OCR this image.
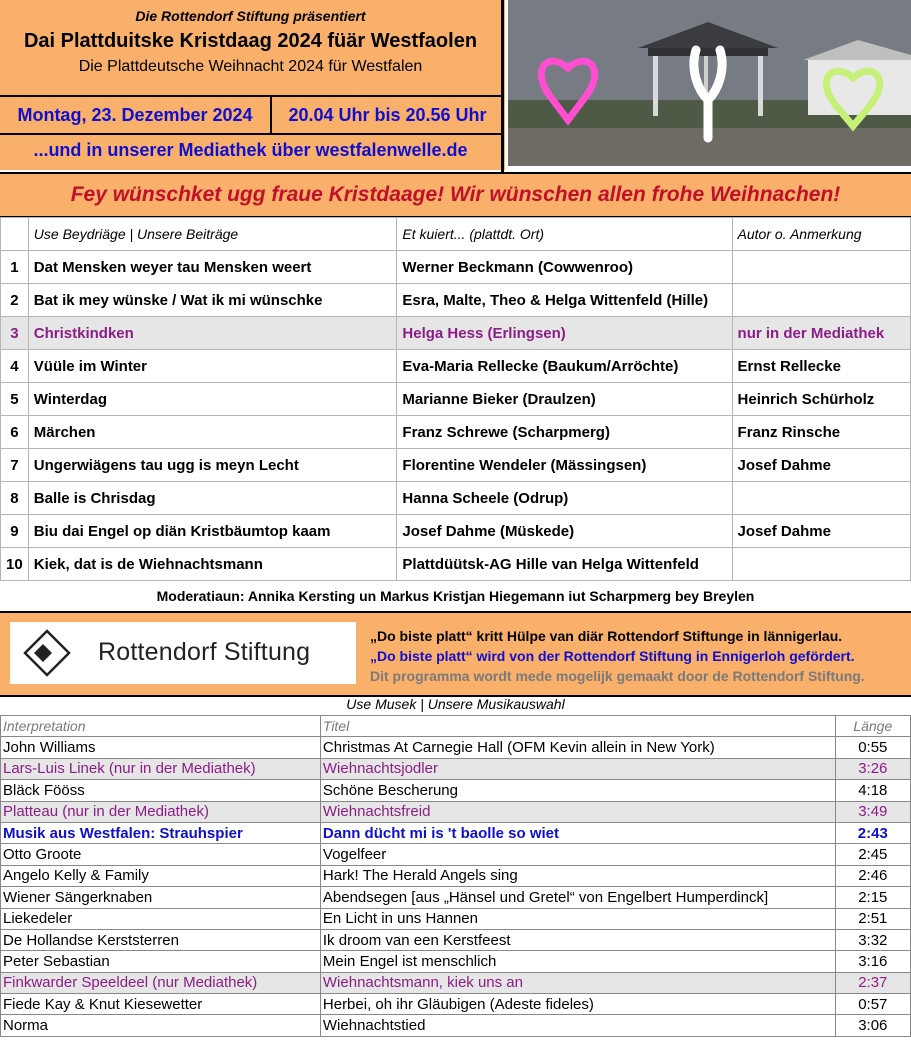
Die Rottendorf Stiftung präsentiert
Dai Plattduitske Kristdaag 2024 füär Westfaolen
Die Plattdeutsche Weihnacht 2024 für Westfalen
Montag, 23. Dezember 2024	20.04 Uhr bis 20.56 Uhr
...und in unserer Mediathek über westfalenwelle.de
Fey wünschket ugg fraue Kristdaage! Wir wünschen allen frohe Weihnachen!
	Use Beydriäge | Unsere Beiträge	Et kuiert... (plattdt. Ort)	Autor o. Anmerkung
1	Dat Mensken weyer tau Mensken weert	Werner Beckmann (Cowwenroo)	
2	Bat ik mey wünske / Wat ik mi wünschke	Esra, Malte, Theo & Helga Wittenfeld (Hille)	
3	Christkindken	Helga Hess (Erlingsen)	nur in der Mediathek
4	Vüüle im Winter	Eva-Maria Rellecke (Baukum/Arröchte)	Ernst Rellecke
5	Winterdag	Marianne Bieker (Draulzen)	Heinrich Schürholz
6	Märchen	Franz Schrewe (Scharpmerg)	Franz Rinsche
7	Ungerwiägens tau ugg is meyn Lecht	Florentine Wendeler (Mässingsen)	Josef Dahme
8	Balle is Chrisdag	Hanna Scheele (Odrup)	
9	Biu dai Engel op diän Kristbäumtop kaam	Josef Dahme (Müskede)	Josef Dahme
10	Kiek, dat is de Wiehnachtsmann	Plattdüütsk-AG Hille van Helga Wittenfeld	
Moderatiaun: Annika Kersting un Markus Kristjan Hiegemann iut Scharpmerg bey Breylen
Rottendorf Stiftung
„Do biste platt“ kritt Hülpe van diär Rottendorf Stiftunge in lännigerlau.
„Do biste platt“ wird von der Rottendorf Stiftung in Ennigerloh gefördert.
Dit programma wordt mede mogelijk gemaakt door de Rottendorf Stiftung.
Use Musek | Unsere Musikauswahl
Interpretation	Titel	Länge
John Williams	Christmas At Carnegie Hall (OFM Kevin allein in New York)	0:55
Lars-Luis Linek (nur in der Mediathek)	Wiehnachtsjodler	3:26
Bläck Fööss	Schöne Bescherung	4:18
Platteau (nur in der Mediathek)	Wiehnachtsfreid	3:49
Musik aus Westfalen: Strauhspier	Dann dücht mi is 't baolle so wiet	2:43
Otto Groote	Vogelfeer	2:45
Angelo Kelly & Family	Hark! The Herald Angels sing	2:46
Wiener Sängerknaben	Abendsegen [aus „Hänsel und Gretel“ von Engelbert Humperdinck]	2:15
Liekedeler	En Licht in uns Hannen	2:51
De Hollandse Kerststerren	Ik droom van een Kerstfeest	3:32
Peter Sebastian	Mein Engel ist menschlich	3:16
Finkwarder Speeldeel (nur Mediathek)	Wiehnachtsmann, kiek uns an	2:37
Fiede Kay & Knut Kiesewetter	Herbei, oh ihr Gläubigen (Adeste fideles)	0:57
Norma	Wiehnachtstied	3:06
